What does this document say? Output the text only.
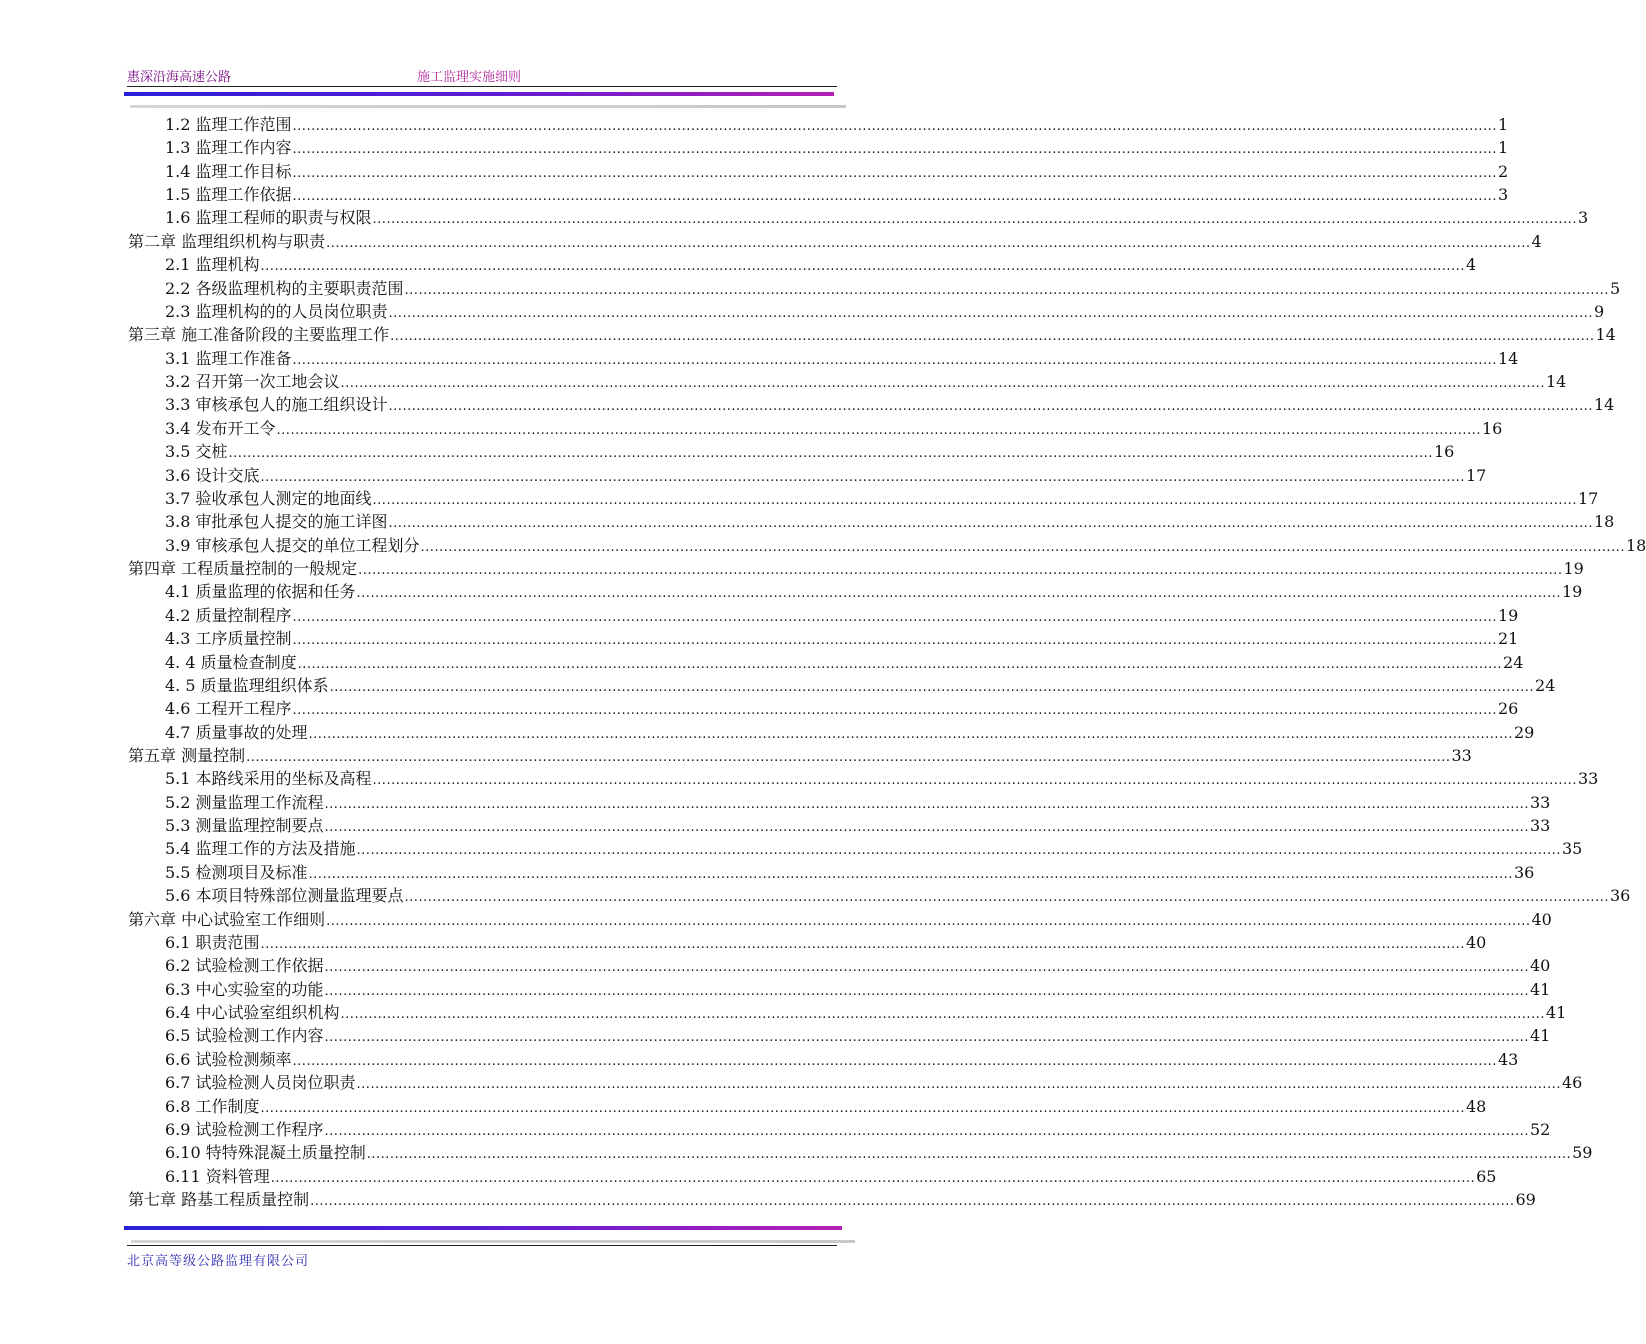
惠深沿海高速公路	施工监理实施细则
1.2 监理工作范围 .................................................................................................................................................................................................................................................................... 1
1.3 监理工作内容 .................................................................................................................................................................................................................................................................... 1
1.4 监理工作目标 .................................................................................................................................................................................................................................................................... 2
1.5 监理工作依据 .................................................................................................................................................................................................................................................................... 3
1.6 监理工程师的职责与权限 .................................................................................................................................................................................................................................................................... 3
第二章 监理组织机构与职责 .................................................................................................................................................................................................................................................................... 4
2.1 监理机构 .................................................................................................................................................................................................................................................................... 4
2.2 各级监理机构的主要职责范围 .................................................................................................................................................................................................................................................................... 5
2.3 监理机构的的人员岗位职责 .................................................................................................................................................................................................................................................................... 9
第三章 施工准备阶段的主要监理工作 .................................................................................................................................................................................................................................................................... 14
3.1 监理工作准备 .................................................................................................................................................................................................................................................................... 14
3.2 召开第一次工地会议 .................................................................................................................................................................................................................................................................... 14
3.3 审核承包人的施工组织设计 .................................................................................................................................................................................................................................................................... 14
3.4 发布开工令 .................................................................................................................................................................................................................................................................... 16
3.5 交桩 .................................................................................................................................................................................................................................................................... 16
3.6 设计交底 .................................................................................................................................................................................................................................................................... 17
3.7 验收承包人测定的地面线 .................................................................................................................................................................................................................................................................... 17
3.8 审批承包人提交的施工详图 .................................................................................................................................................................................................................................................................... 18
3.9 审核承包人提交的单位工程划分 .................................................................................................................................................................................................................................................................... 18
第四章 工程质量控制的一般规定 .................................................................................................................................................................................................................................................................... 19
4.1 质量监理的依据和任务 .................................................................................................................................................................................................................................................................... 19
4.2 质量控制程序 .................................................................................................................................................................................................................................................................... 19
4.3 工序质量控制 .................................................................................................................................................................................................................................................................... 21
4. 4 质量检查制度 .................................................................................................................................................................................................................................................................... 24
4. 5 质量监理组织体系 .................................................................................................................................................................................................................................................................... 24
4.6 工程开工程序 .................................................................................................................................................................................................................................................................... 26
4.7 质量事故的处理 .................................................................................................................................................................................................................................................................... 29
第五章 测量控制 .................................................................................................................................................................................................................................................................... 33
5.1 本路线采用的坐标及高程 .................................................................................................................................................................................................................................................................... 33
5.2 测量监理工作流程 .................................................................................................................................................................................................................................................................... 33
5.3 测量监理控制要点 .................................................................................................................................................................................................................................................................... 33
5.4 监理工作的方法及措施 .................................................................................................................................................................................................................................................................... 35
5.5 检测项目及标准 .................................................................................................................................................................................................................................................................... 36
5.6 本项目特殊部位测量监理要点 .................................................................................................................................................................................................................................................................... 36
第六章 中心试验室工作细则 .................................................................................................................................................................................................................................................................... 40
6.1 职责范围 .................................................................................................................................................................................................................................................................... 40
6.2 试验检测工作依据 .................................................................................................................................................................................................................................................................... 40
6.3 中心实验室的功能 .................................................................................................................................................................................................................................................................... 41
6.4 中心试验室组织机构 .................................................................................................................................................................................................................................................................... 41
6.5 试验检测工作内容 .................................................................................................................................................................................................................................................................... 41
6.6 试验检测频率 .................................................................................................................................................................................................................................................................... 43
6.7 试验检测人员岗位职责 .................................................................................................................................................................................................................................................................... 46
6.8 工作制度 .................................................................................................................................................................................................................................................................... 48
6.9 试验检测工作程序 .................................................................................................................................................................................................................................................................... 52
6.10 特特殊混凝土质量控制 .................................................................................................................................................................................................................................................................... 59
6.11 资料管理 .................................................................................................................................................................................................................................................................... 65
第七章 路基工程质量控制 .................................................................................................................................................................................................................................................................... 69
北京高等级公路监理有限公司
